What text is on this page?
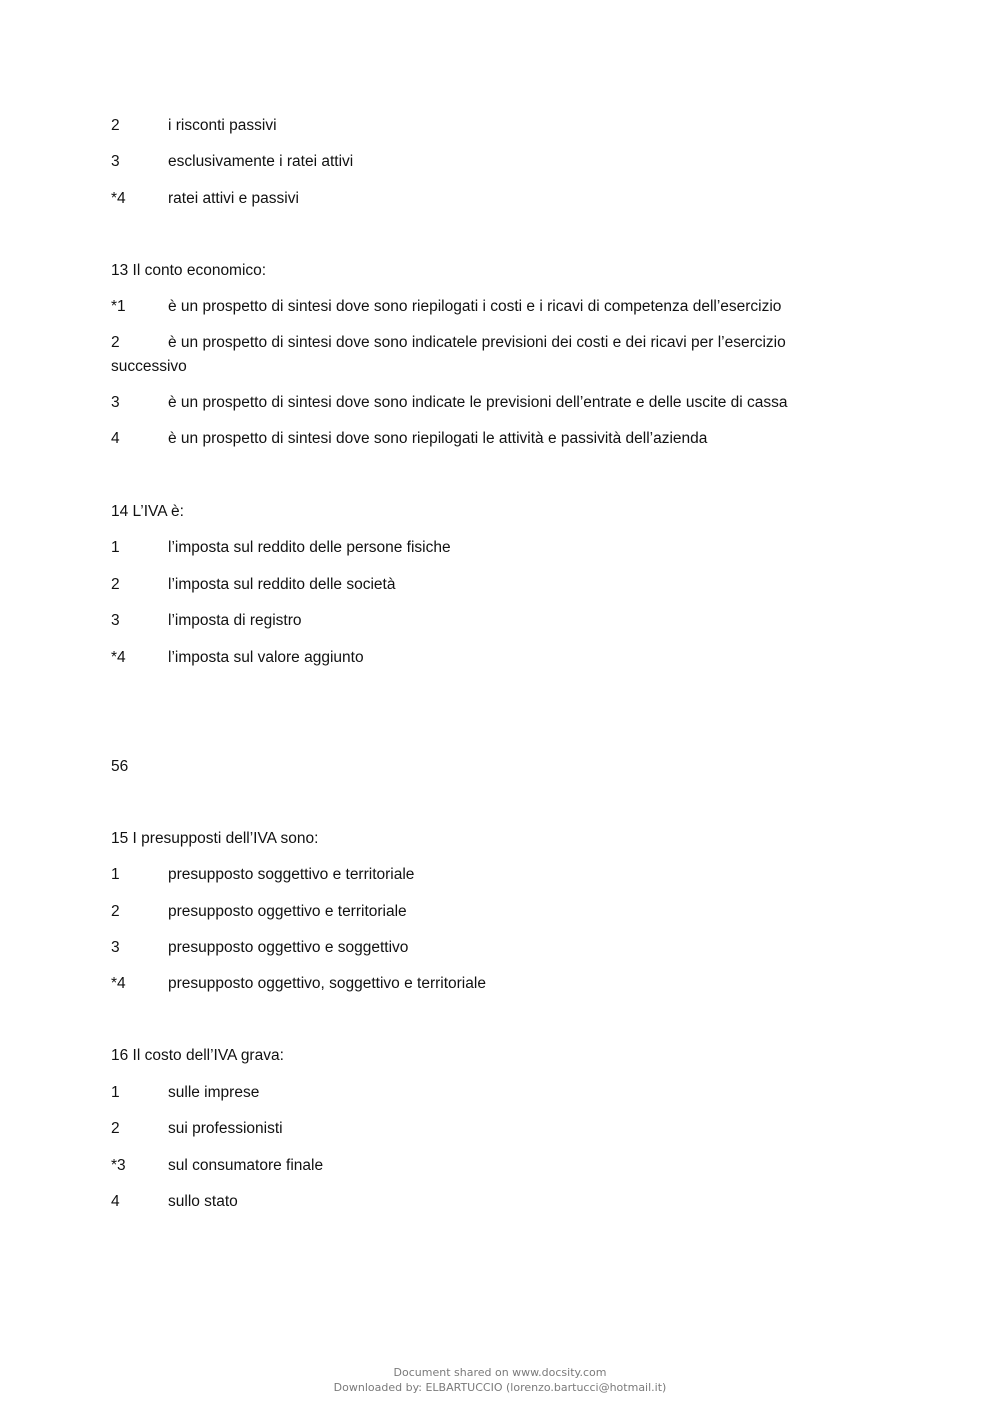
2	i risconti passivi
3	esclusivamente i ratei attivi
*4	ratei attivi e passivi
13 Il conto economico:
*1	è un prospetto di sintesi dove sono riepilogati i costi e i ricavi di competenza dell’esercizio
2	è un prospetto di sintesi dove sono indicatele previsioni dei costi e dei ricavi per l’esercizio
successivo
3	è un prospetto di sintesi dove sono indicate le previsioni dell’entrate e delle uscite di cassa
4	è un prospetto di sintesi dove sono riepilogati le attività e passività dell’azienda
14 L’IVA è:
1	l’imposta sul reddito delle persone fisiche
2	l’imposta sul reddito delle società
3	l’imposta di registro
*4	l’imposta sul valore aggiunto
56
15 I presupposti dell’IVA sono:
1	presupposto soggettivo e territoriale
2	presupposto oggettivo e territoriale
3	presupposto oggettivo e soggettivo
*4	presupposto oggettivo, soggettivo e territoriale
16 Il costo dell’IVA grava:
1	sulle imprese
2	sui professionisti
*3	sul consumatore finale
4	sullo stato
Document shared on www.docsity.com
Downloaded by: ELBARTUCCIO (lorenzo.bartucci@hotmail.it)
